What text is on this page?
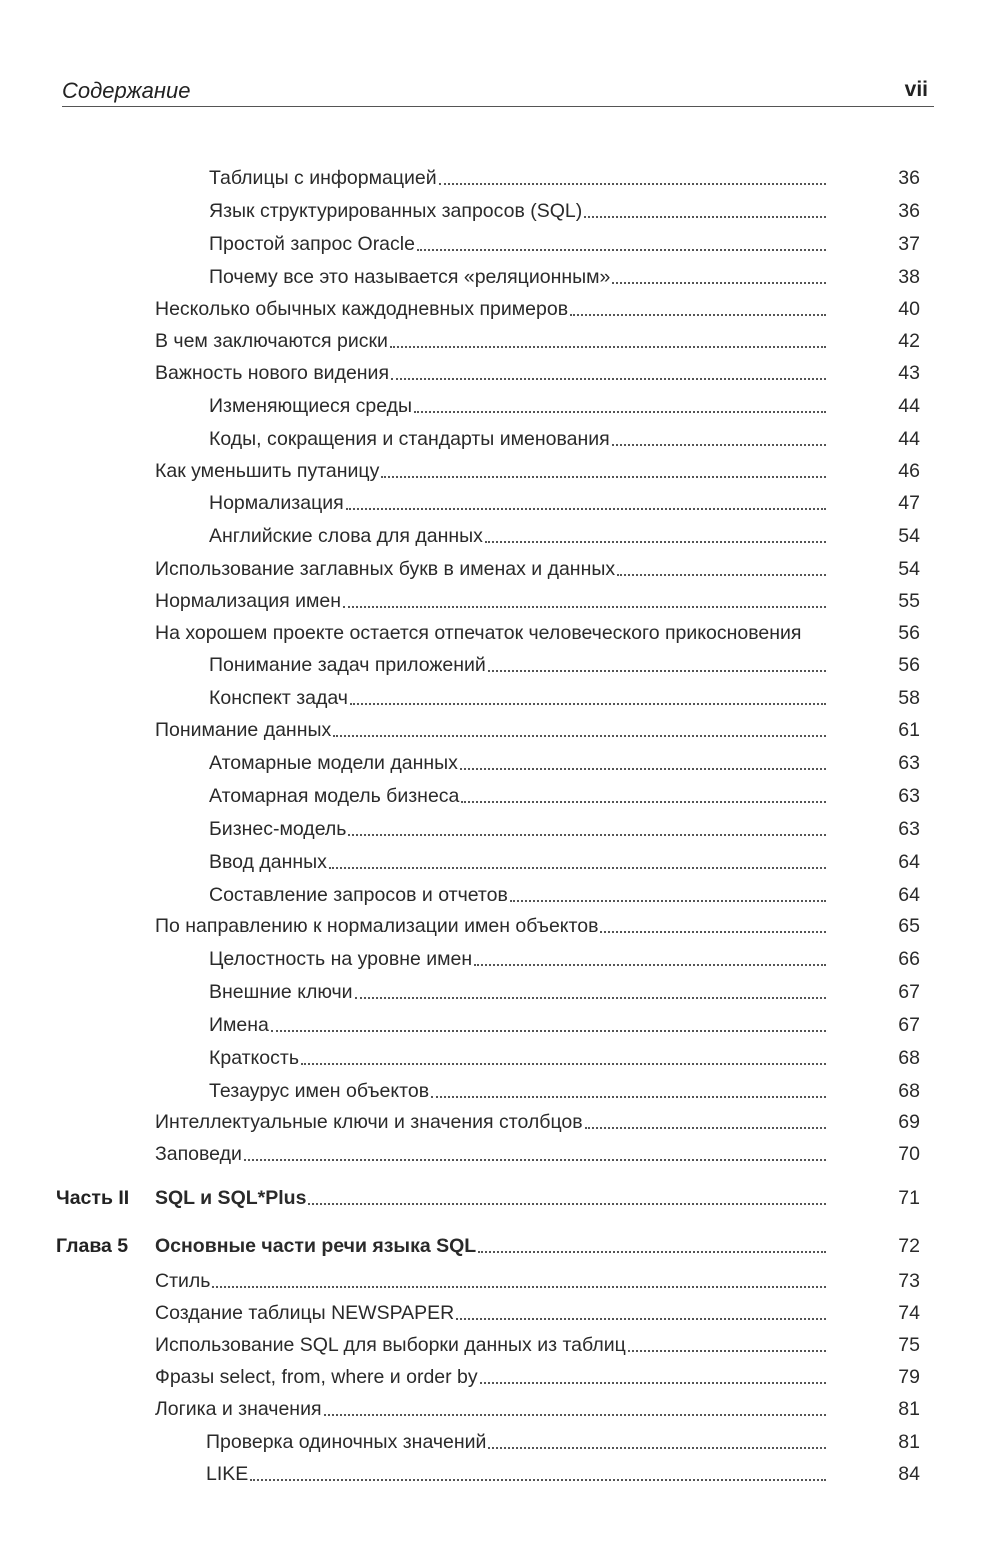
Содержание	vii
Таблицы с информацией	36
Язык структурированных запросов (SQL)	36
Простой запрос Oracle	37
Почему все это называется «реляционным»	38
Несколько обычных каждодневных примеров	40
В чем заключаются риски	42
Важность нового видения	43
Изменяющиеся среды	44
Коды, сокращения и стандарты именования	44
Как уменьшить путаницу	46
Нормализация	47
Английские слова для данных	54
Использование заглавных букв в именах и данных	54
Нормализация имен	55
На хорошем проекте остается отпечаток человеческого прикосновения	56
Понимание задач приложений	56
Конспект задач	58
Понимание данных	61
Атомарные модели данных	63
Атомарная модель бизнеса	63
Бизнес-модель	63
Ввод данных	64
Составление запросов и отчетов	64
По направлению к нормализации имен объектов	65
Целостность на уровне имен	66
Внешние ключи	67
Имена	67
Краткость	68
Тезаурус имен объектов	68
Интеллектуальные ключи и значения столбцов	69
Заповеди	70
Часть II SQL и SQL*Plus	71
Глава 5 Основные части речи языка SQL	72
Стиль	73
Создание таблицы NEWSPAPER	74
Использование SQL для выборки данных из таблиц	75
Фразы select, from, where и order by	79
Логика и значения	81
Проверка одиночных значений	81
LIKE	84
